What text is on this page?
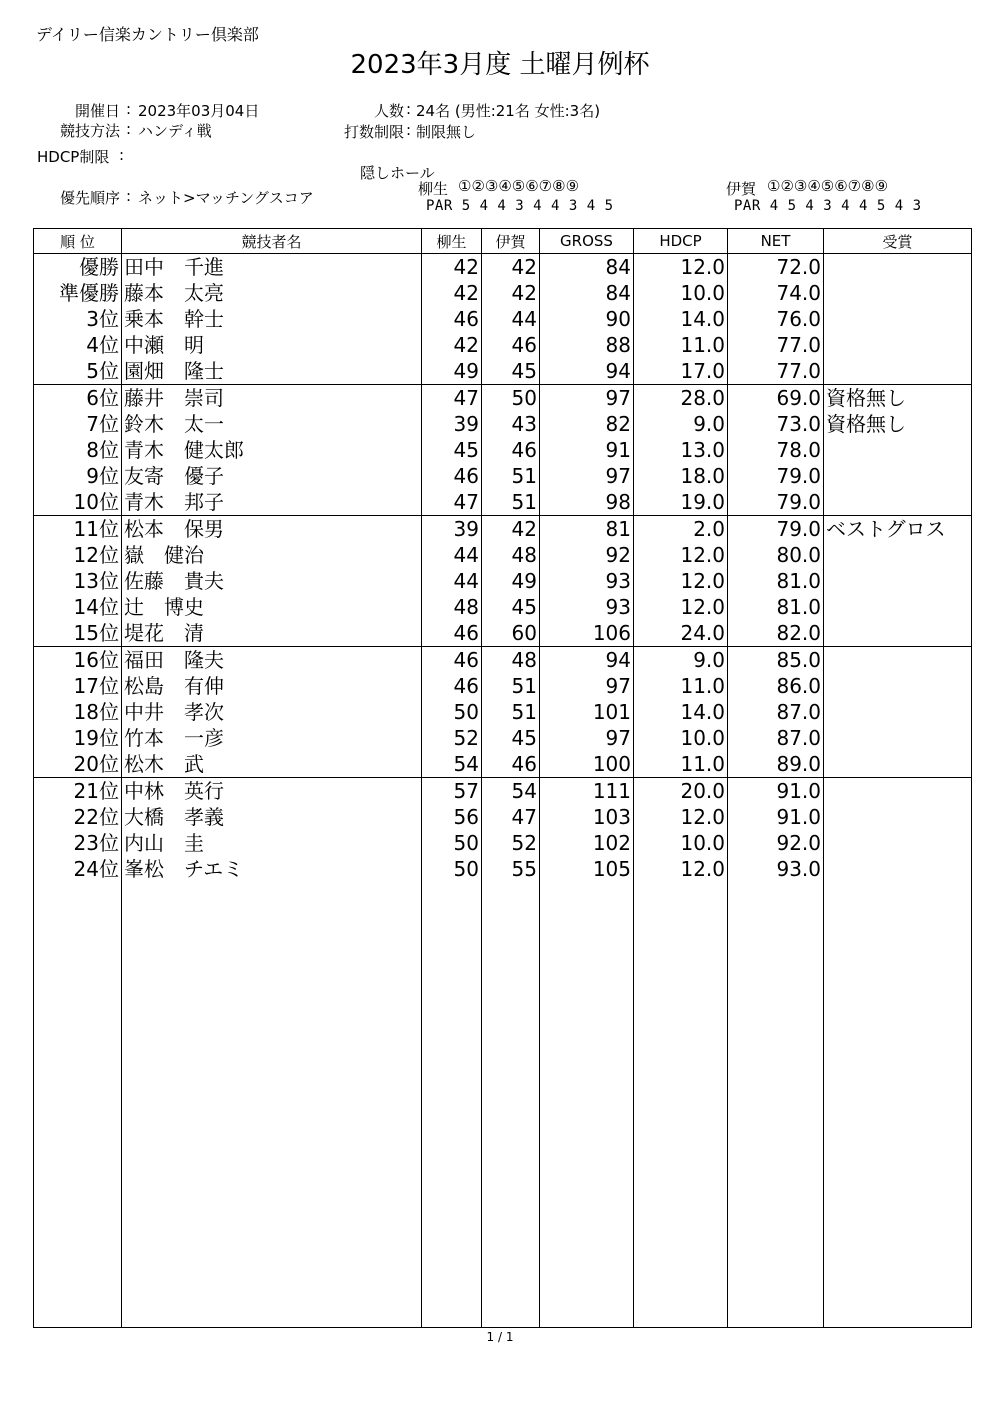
デイリー信楽カントリー倶楽部
2023年3月度 土曜月例杯
開催日 : 2023年03月04日
競技方法 : ハンディ戦
HDCP制限 :
優先順序 : ネット>マッチングスコア
人数 : 24名 (男性:21名 女性:3名)
打数制限 : 制限無し
隠しホール
柳生 ①②③④⑤⑥⑦⑧⑨
PAR 5 4 4 3 4 4 3 4 5
伊賀 ①②③④⑤⑥⑦⑧⑨
PAR 4 5 4 3 4 4 5 4 3
順 位	競技者名	柳生	伊賀	GROSS	HDCP	NET	受賞
優勝	田中　千進	42	42	84	12.0	72.0	
準優勝	藤本　太亮	42	42	84	10.0	74.0	
3位	乗本　幹士	46	44	90	14.0	76.0	
4位	中瀬　明	42	46	88	11.0	77.0	
5位	園畑　隆士	49	45	94	17.0	77.0	
6位	藤井　崇司	47	50	97	28.0	69.0	資格無し
7位	鈴木　太一	39	43	82	9.0	73.0	資格無し
8位	青木　健太郎	45	46	91	13.0	78.0	
9位	友寄　優子	46	51	97	18.0	79.0	
10位	青木　邦子	47	51	98	19.0	79.0	
11位	松本　保男	39	42	81	2.0	79.0	ベストグロス
12位	嶽　健治	44	48	92	12.0	80.0	
13位	佐藤　貴夫	44	49	93	12.0	81.0	
14位	辻　博史	48	45	93	12.0	81.0	
15位	堤花　清	46	60	106	24.0	82.0	
16位	福田　隆夫	46	48	94	9.0	85.0	
17位	松島　有伸	46	51	97	11.0	86.0	
18位	中井　孝次	50	51	101	14.0	87.0	
19位	竹本　一彦	52	45	97	10.0	87.0	
20位	松木　武	54	46	100	11.0	89.0	
21位	中林　英行	57	54	111	20.0	91.0	
22位	大橋　孝義	56	47	103	12.0	91.0	
23位	内山　圭	50	52	102	10.0	92.0	
24位	峯松　チエミ	50	55	105	12.0	93.0	

1 / 1
